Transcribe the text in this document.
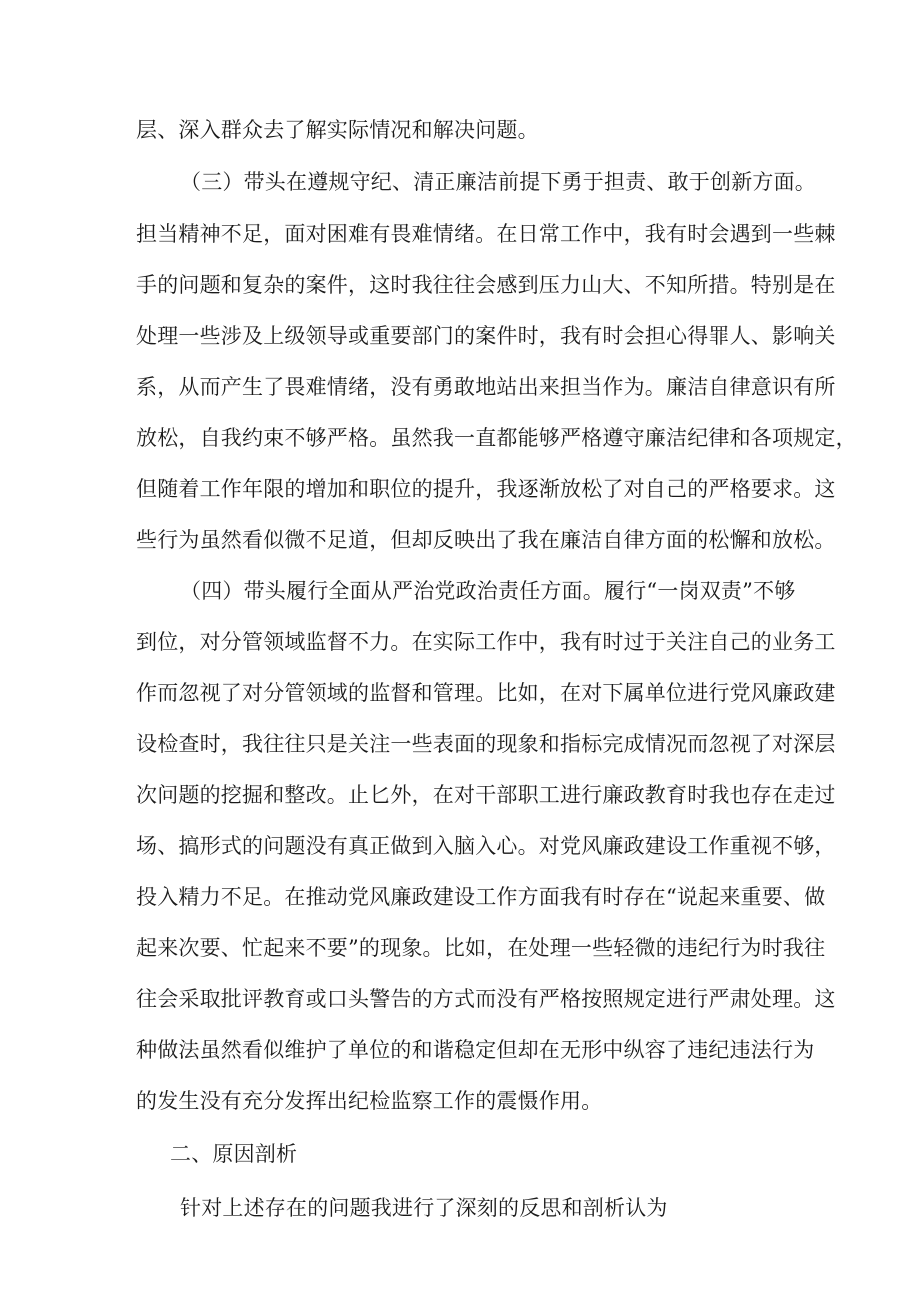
层、深入群众去了解实际情况和解决问题。
（三）带头在遵规守纪、清正廉洁前提下勇于担责、敢于创新方面。
担当精神不足，面对困难有畏难情绪。在日常工作中，我有时会遇到一些棘
手的问题和复杂的案件，这时我往往会感到压力山大、不知所措。特别是在
处理一些涉及上级领导或重要部门的案件时，我有时会担心得罪人、影响关
系，从而产生了畏难情绪，没有勇敢地站出来担当作为。廉洁自律意识有所
放松，自我约束不够严格。虽然我一直都能够严格遵守廉洁纪律和各项规定，
但随着工作年限的增加和职位的提升，我逐渐放松了对自己的严格要求。这
些行为虽然看似微不足道，但却反映出了我在廉洁自律方面的松懈和放松。
（四）带头履行全面从严治党政治责任方面。履行“一岗双责”不够
到位，对分管领域监督不力。在实际工作中，我有时过于关注自己的业务工
作而忽视了对分管领域的监督和管理。比如，在对下属单位进行党风廉政建
设检查时，我往往只是关注一些表面的现象和指标完成情况而忽视了对深层
次问题的挖掘和整改。止匕外，在对干部职工进行廉政教育时我也存在走过
场、搞形式的问题没有真正做到入脑入心。对党风廉政建设工作重视不够，
投入精力不足。在推动党风廉政建设工作方面我有时存在“说起来重要、做
起来次要、忙起来不要”的现象。比如，在处理一些轻微的违纪行为时我往
往会采取批评教育或口头警告的方式而没有严格按照规定进行严肃处理。这
种做法虽然看似维护了单位的和谐稳定但却在无形中纵容了违纪违法行为
的发生没有充分发挥出纪检监察工作的震慑作用。
二、原因剖析
针对上述存在的问题我进行了深刻的反思和剖析认为
